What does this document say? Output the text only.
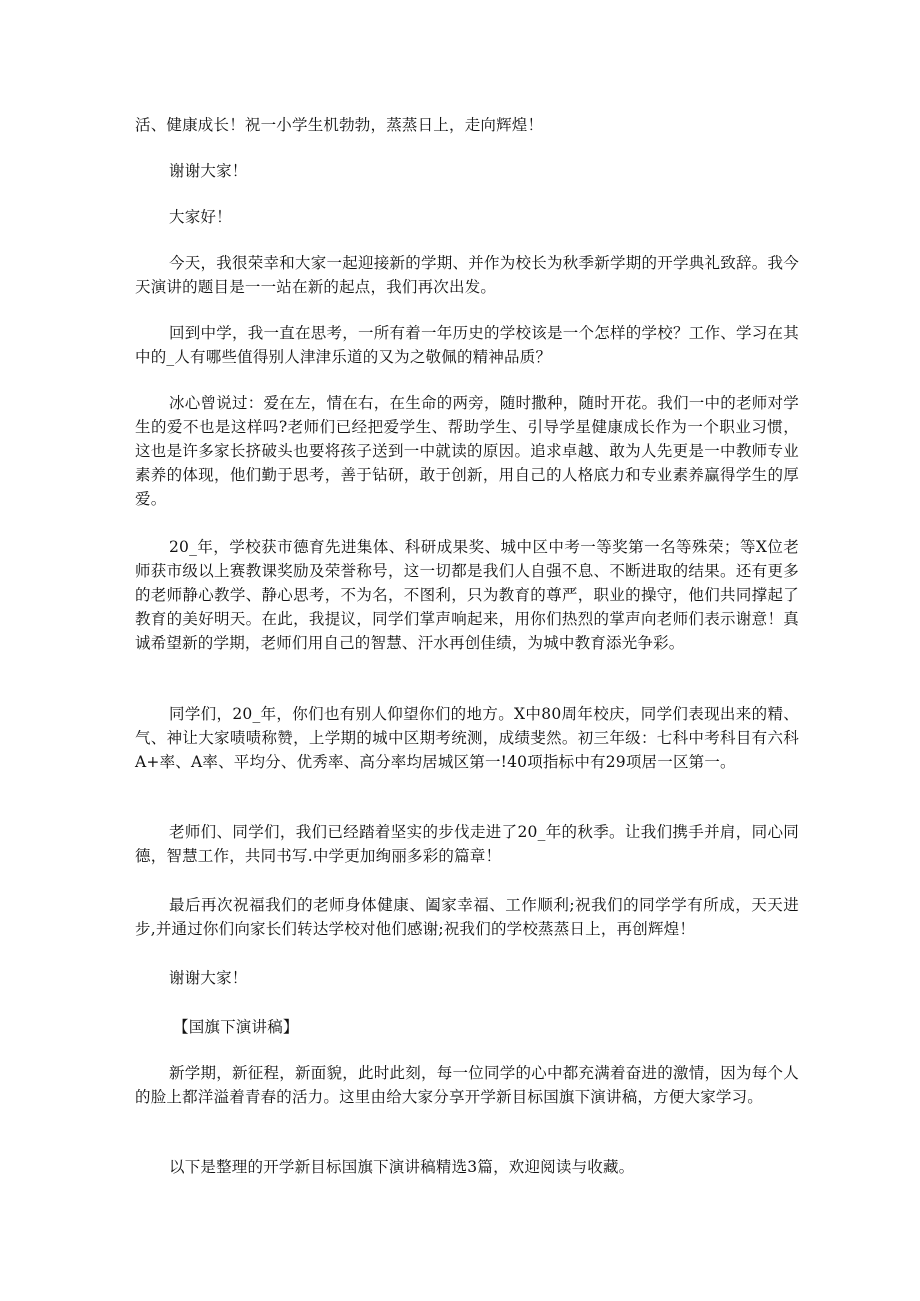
活、健康成长！祝一小学生机勃勃，蒸蒸日上，走向辉煌！

谢谢大家！

大家好！

今天，我很荣幸和大家一起迎接新的学期、并作为校长为秋季新学期的开学典礼致辞。我今天演讲的题目是一一站在新的起点，我们再次出发。

回到中学，我一直在思考，一所有着一年历史的学校该是一个怎样的学校？工作、学习在其中的_人有哪些值得别人津津乐道的又为之敬佩的精神品质？

冰心曾说过：爱在左，情在右，在生命的两旁，随时撒种，随时开花。我们一中的老师对学生的爱不也是这样吗?老师们已经把爱学生、帮助学生、引导学星健康成长作为一个职业习惯，这也是许多家长挤破头也要将孩子送到一中就读的原因。追求卓越、敢为人先更是一中教师专业素养的体现，他们勤于思考，善于钻研，敢于创新，用自己的人格底力和专业素养赢得学生的厚爱。

20_年，学校获市德育先进集体、科研成果奖、城中区中考一等奖第一名等殊荣；等X位老师获市级以上赛教课奖励及荣誉称号，这一切都是我们人自强不息、不断进取的结果。还有更多的老师静心教学、静心思考，不为名，不图利，只为教育的尊严，职业的操守，他们共同撑起了教育的美好明天。在此，我提议，同学们掌声响起来，用你们热烈的掌声向老师们表示谢意！真诚希望新的学期，老师们用自己的智慧、汗水再创佳绩，为城中教育添光争彩。

同学们，20_年，你们也有别人仰望你们的地方。X中80周年校庆，同学们表现出来的精、气、神让大家啧啧称赞，上学期的城中区期考统测，成绩斐然。初三年级：七科中考科目有六科A+率、A率、平均分、优秀率、高分率均居城区第一!40项指标中有29项居一区第一。

老师们、同学们，我们已经踏着坚实的步伐走进了20_年的秋季。让我们携手并肩，同心同德，智慧工作，共同书写.中学更加绚丽多彩的篇章！

最后再次祝福我们的老师身体健康、阖家幸福、工作顺利;祝我们的同学学有所成，天天进步,并通过你们向家长们转达学校对他们感谢;祝我们的学校蒸蒸日上，再创辉煌！

谢谢大家！

【国旗下演讲稿】

新学期，新征程，新面貌，此时此刻，每一位同学的心中都充满着奋进的激情，因为每个人的脸上都洋溢着青春的活力。这里由给大家分享开学新目标国旗下演讲稿，方便大家学习。

以下是整理的开学新目标国旗下演讲稿精选3篇，欢迎阅读与收藏。
